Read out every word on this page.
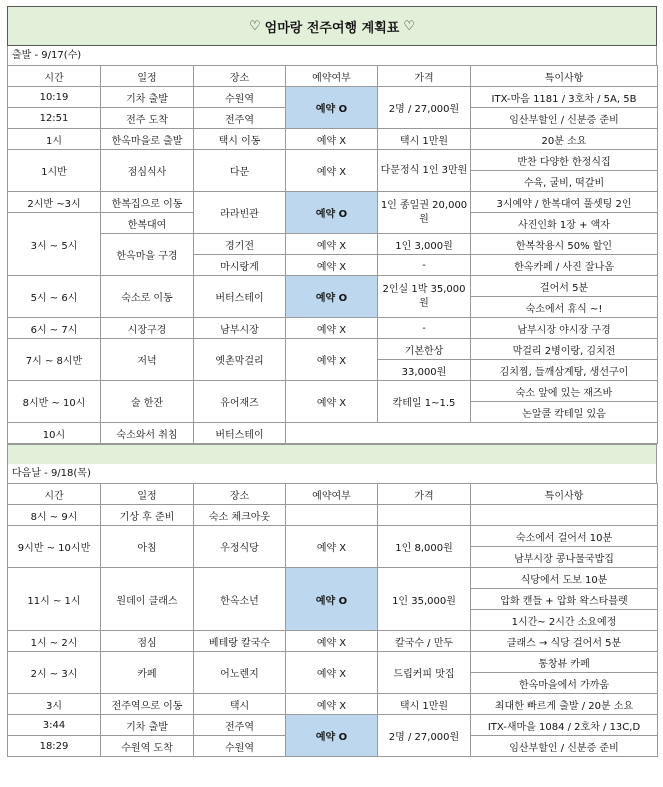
♡ 엄마랑 전주여행 계획표 ♡
출발 - 9/17(수)
시간	일정	장소	예약여부	가격	특이사항
10:19	기차 출발	수원역	예약 O	2명 / 27,000원	ITX-마음 1181 / 3호차 / 5A, 5B
12:51	전주 도착	전주역			임산부할인 / 신분증 준비
1시	한옥마을로 출발	택시 이동	예약 X	택시 1만원	20분 소요
1시반	점심식사	다문	예약 X	다문정식 1인 3만원	반찬 다양한 한정식집
					수육, 굴비, 떡갈비
2시반 ~3시	한복집으로 이동	라라빈관	예약 O	1인 종일권 20,000원	3시예약 / 한복대여 풀셋팅 2인
3시 ~ 5시	한복대여				사진인화 1장 + 액자
	한옥마을 구경	경기전	예약 X	1인 3,000원	한복착용시 50% 할인
		마시랑게	예약 X	-	한옥카페 / 사진 잘나옴
5시 ~ 6시	숙소로 이동	버터스테이	예약 O	2인실 1박 35,000원	걸어서 5분
					숙소에서 휴식 ~!
6시 ~ 7시	시장구경	남부시장	예약 X	-	남부시장 야시장 구경
7시 ~ 8시반	저녁	옛촌막걸리	예약 X	기본한상	막걸리 2병이랑, 김치전
				33,000원	김치찜, 들깨삼계탕, 생선구이
8시반 ~ 10시	술 한잔	유어재즈	예약 X	칵테일 1~1.5	숙소 앞에 있는 재즈바
					논알콜 칵테일 있음
10시	숙소와서 취침	버터스테이			
다음날 - 9/18(목)
시간	일정	장소	예약여부	가격	특이사항
8시 ~ 9시	기상 후 준비	숙소 체크아웃			
9시반 ~ 10시반	아침	우정식당	예약 X	1인 8,000원	숙소에서 걸어서 10분
					남부시장 콩나물국밥집
11시 ~ 1시	원데이 클래스	한옥소년	예약 O	1인 35,000원	식당에서 도보 10분
					압화 캔들 + 압화 왁스타블렛
					1시간~ 2시간 소요예정
1시 ~ 2시	점심	베테랑 칼국수	예약 X	칼국수 / 만두	클래스 → 식당 걸어서 5분
2시 ~ 3시	카페	어노렌지	예약 X	드립커피 맛집	통창뷰 카페
					한옥마을에서 가까움
3시	전주역으로 이동	택시	예약 X	택시 1만원	최대한 빠르게 출발 / 20분 소요
3:44	기차 출발	전주역	예약 O	2명 / 27,000원	ITX-새마을 1084 / 2호차 / 13C,D
18:29	수원역 도착	수원역			임산부할인 / 신분증 준비
